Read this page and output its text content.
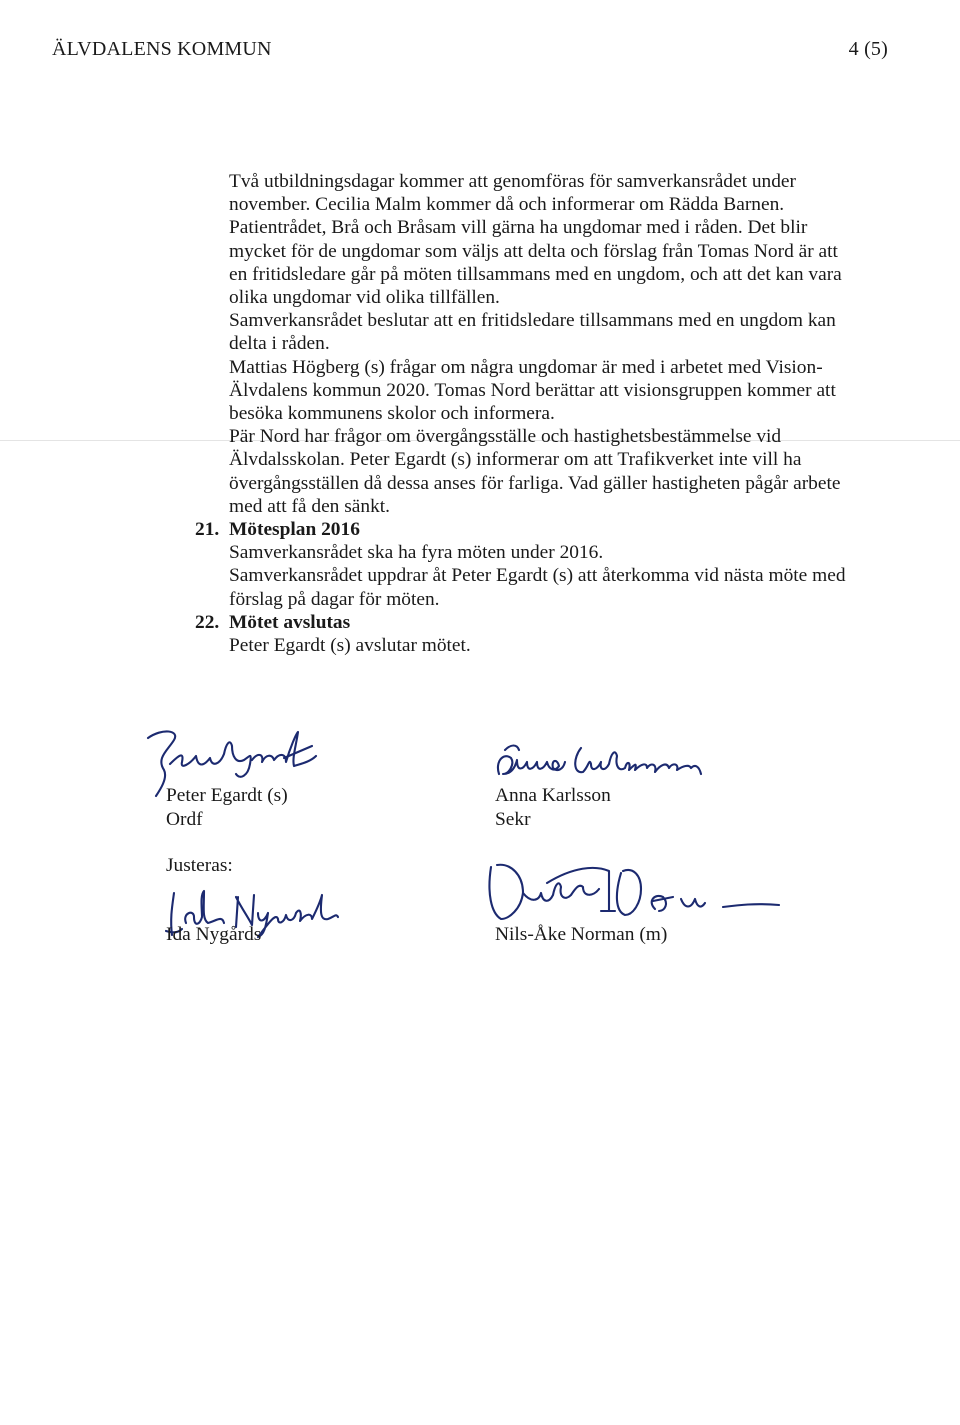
ÄLVDALENS KOMMUN	4 (5)

Två utbildningsdagar kommer att genomföras för samverkansrådet under november. Cecilia Malm kommer då och informerar om Rädda Barnen. Patientrådet, Brå och Bråsam vill gärna ha ungdomar med i råden. Det blir mycket för de ungdomar som väljs att delta och förslag från Tomas Nord är att en fritidsledare går på möten tillsammans med en ungdom, och att det kan vara olika ungdomar vid olika tillfällen.

Samverkansrådet beslutar att en fritidsledare tillsammans med en ungdom kan delta i råden.

Mattias Högberg (s) frågar om några ungdomar är med i arbetet med Vision-Älvdalens kommun 2020. Tomas Nord berättar att visionsgruppen kommer att besöka kommunens skolor och informera.

Pär Nord har frågor om övergångsställe och hastighetsbestämmelse vid Älvdalsskolan. Peter Egardt (s) informerar om att Trafikverket inte vill ha övergångsställen då dessa anses för farliga. Vad gäller hastigheten pågår arbete med att få den sänkt.

21. Mötesplan 2016

Samverkansrådet ska ha fyra möten under 2016.

Samverkansrådet uppdrar åt Peter Egardt (s) att återkomma vid nästa möte med förslag på dagar för möten.

22. Mötet avslutas

Peter Egardt (s) avslutar mötet.

Peter Egardt (s)
Ordf
Anna Karlsson
Sekr
Justeras:
Ida Nygårds	Nils-Åke Norman (m)
